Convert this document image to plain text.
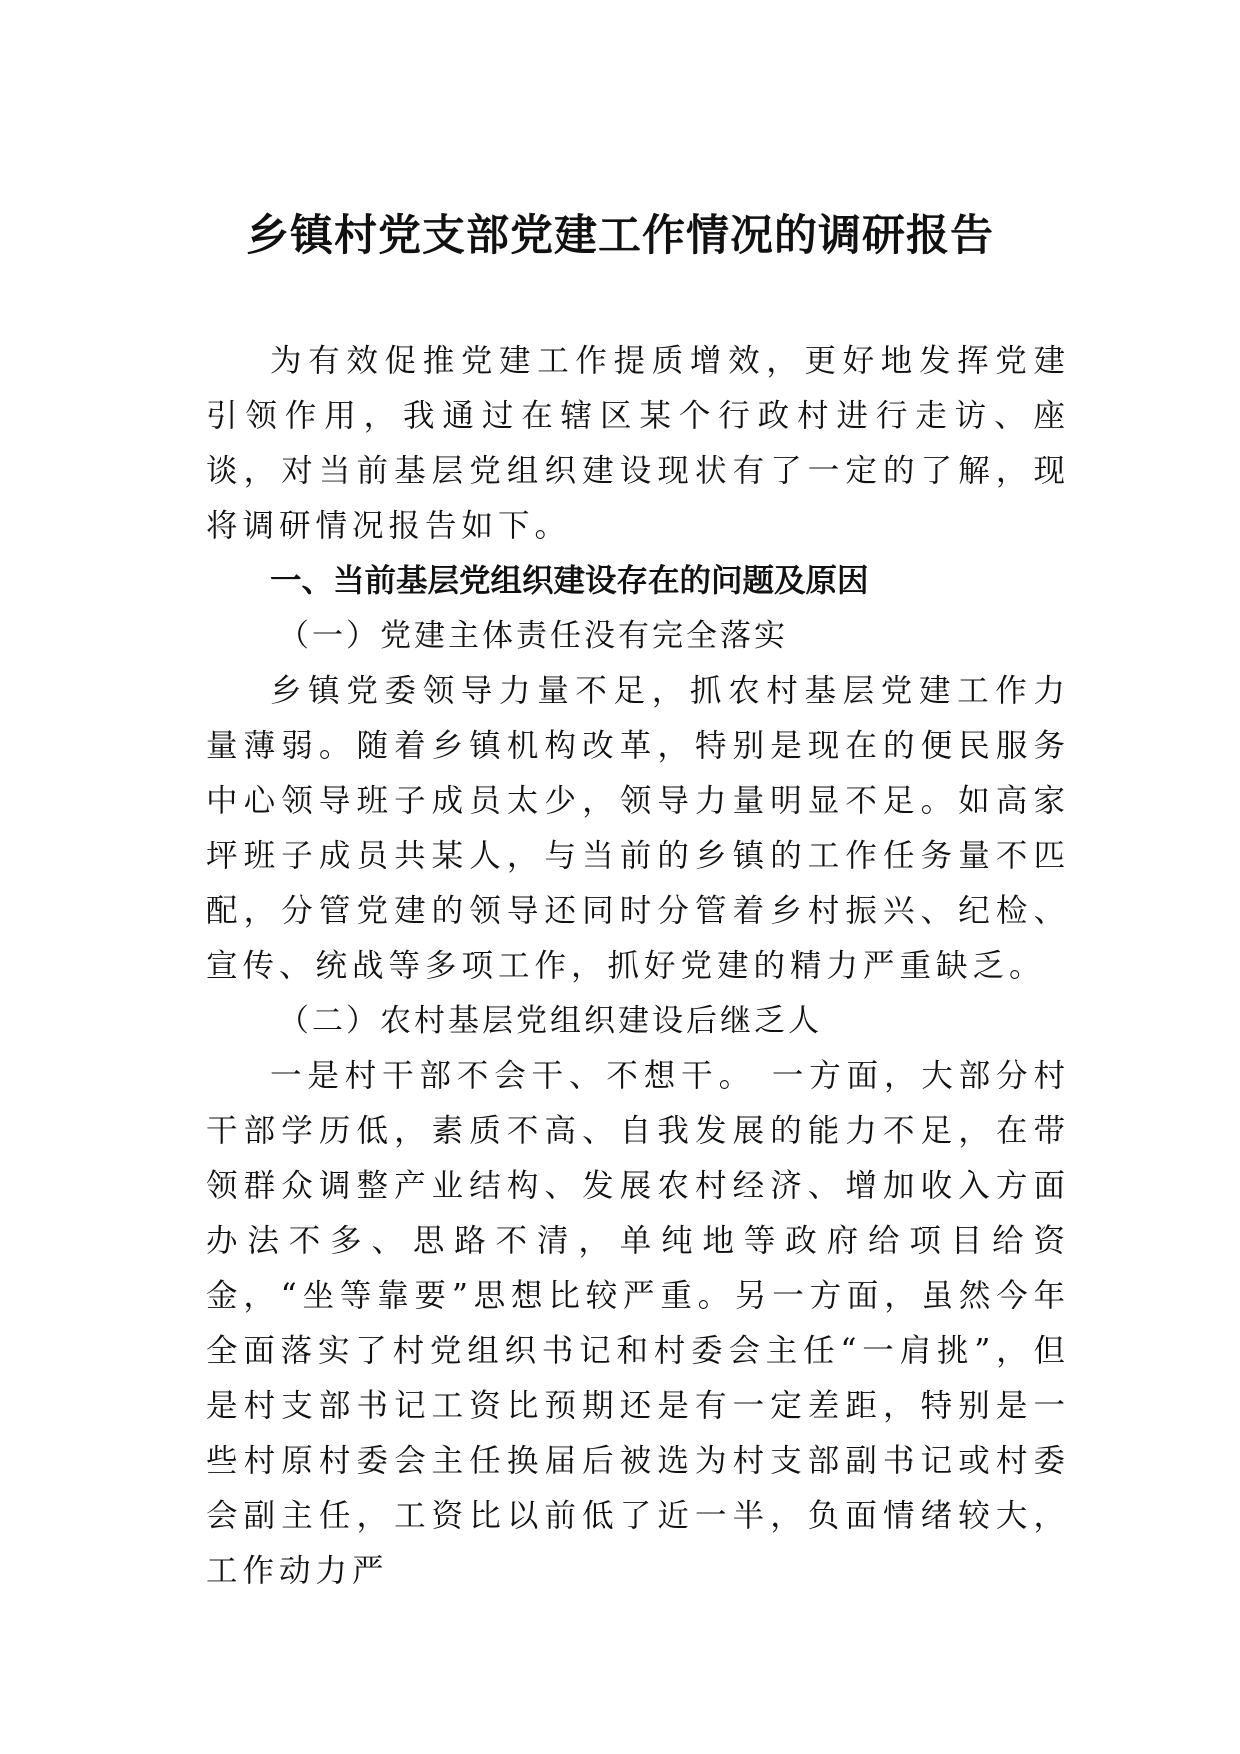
乡镇村党支部党建工作情况的调研报告

为有效促推党建工作提质增效，更好地发挥党建引领作用，我通过在辖区某个行政村进行走访、座谈，对当前基层党组织建设现状有了一定的了解，现将调研情况报告如下。

一、当前基层党组织建设存在的问题及原因

（一）党建主体责任没有完全落实

乡镇党委领导力量不足，抓农村基层党建工作力量薄弱。随着乡镇机构改革，特别是现在的便民服务中心领导班子成员太少，领导力量明显不足。如高家坪班子成员共某人，与当前的乡镇的工作任务量不匹配，分管党建的领导还同时分管着乡村振兴、纪检、宣传、统战等多项工作，抓好党建的精力严重缺乏。

（二）农村基层党组织建设后继乏人

一是村干部不会干、不想干。 一方面，大部分村干部学历低，素质不高、自我发展的能力不足，在带领群众调整产业结构、发展农村经济、增加收入方面办法不多、思路不清，单纯地等政府给项目给资金，“坐等靠要”思想比较严重。另一方面，虽然今年全面落实了村党组织书记和村委会主任“一肩挑”，但是村支部书记工资比预期还是有一定差距，特别是一些村原村委会主任换届后被选为村支部副书记或村委会副主任，工资比以前低了近一半，负面情绪较大，工作动力严
